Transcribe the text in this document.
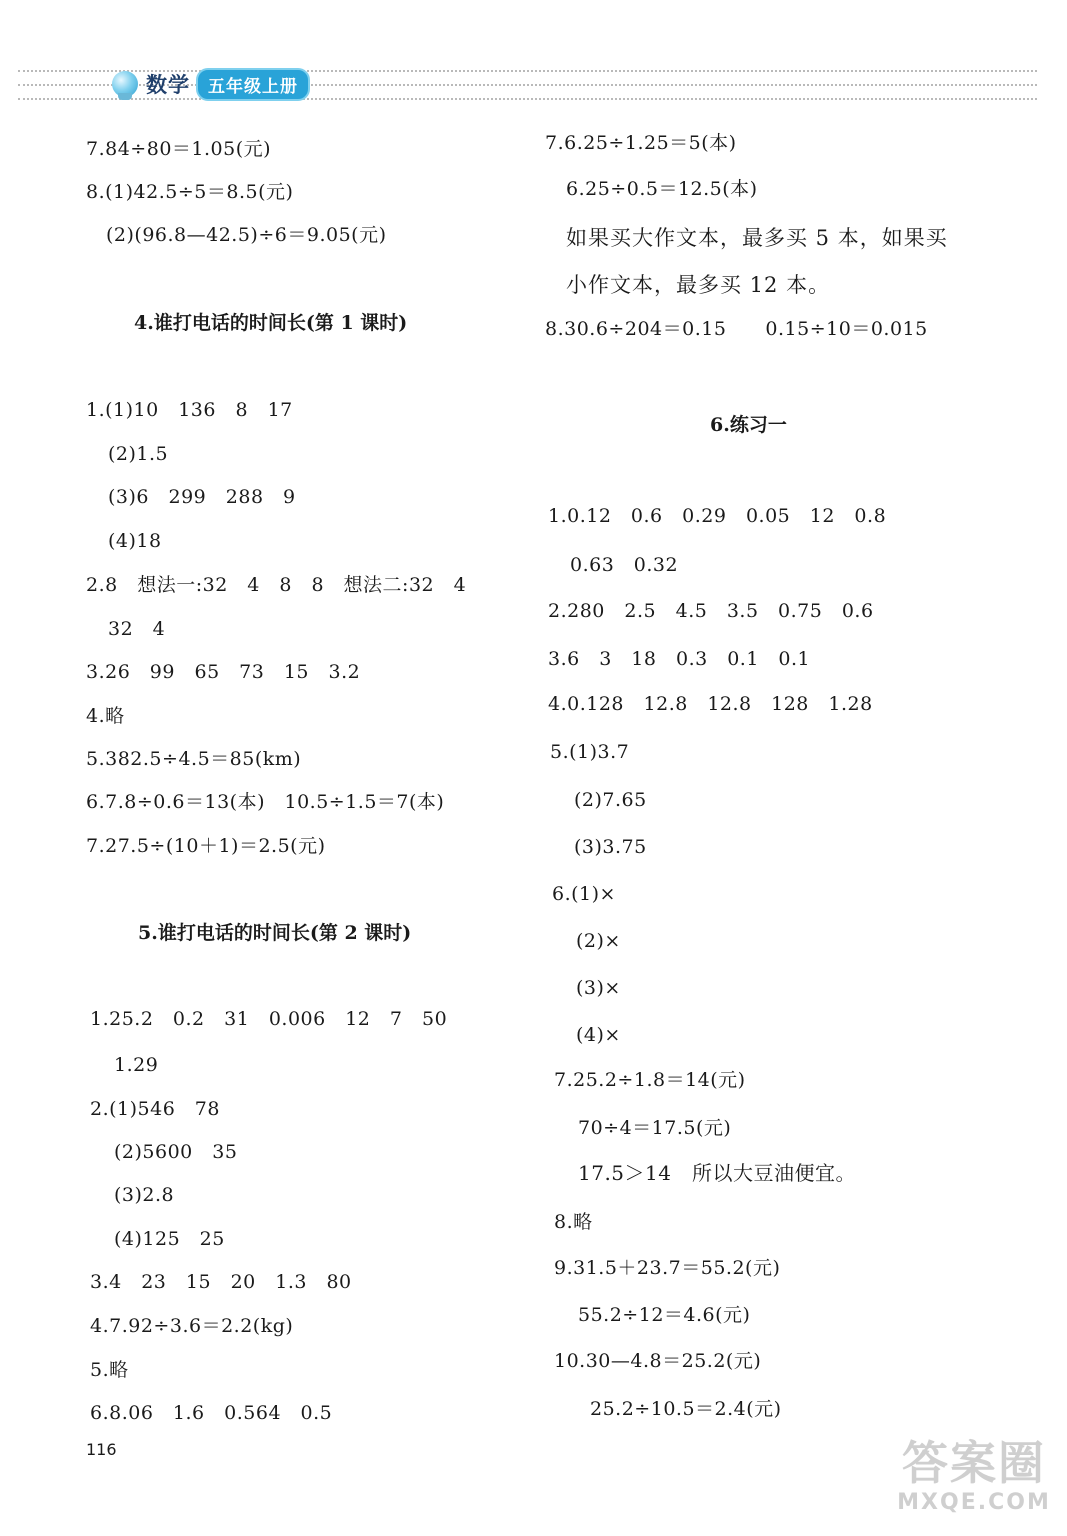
数学	五年级上册
7.84÷80＝1.05(元)
8.(1)42.5÷5＝8.5(元)
(2)(96.8—42.5)÷6＝9.05(元)
4.谁打电话的时间长(第 1 课时)
1.(1)10　136　8　17
(2)1.5
(3)6　299　288　9
(4)18
2.8　想法一:32　4　8　8　想法二:32　4
32　4
3.26　99　65　73　15　3.2
4.略
5.382.5÷4.5＝85(km)
6.7.8÷0.6＝13(本)　10.5÷1.5＝7(本)
7.27.5÷(10＋1)＝2.5(元)
5.谁打电话的时间长(第 2 课时)
1.25.2　0.2　31　0.006　12　7　50
1.29
2.(1)546　78
(2)5600　35
(3)2.8
(4)125　25
3.4　23　15　20　1.3　80
4.7.92÷3.6＝2.2(kg)
5.略
6.8.06　1.6　0.564　0.5
7.6.25÷1.25＝5(本)
6.25÷0.5＝12.5(本)
如果买大作文本，最多买 5 本，如果买
小作文本，最多买 12 本。
8.30.6÷204＝0.15　　0.15÷10＝0.015
6.练习一
1.0.12　0.6　0.29　0.05　12　0.8
0.63　0.32
2.280　2.5　4.5　3.5　0.75　0.6
3.6　3　18　0.3　0.1　0.1
4.0.128　12.8　12.8　128　1.28
5.(1)3.7
(2)7.65
(3)3.75
6.(1)×
(2)×
(3)×
(4)×
7.25.2÷1.8＝14(元)
70÷4＝17.5(元)
17.5＞14　所以大豆油便宜。
8.略
9.31.5＋23.7＝55.2(元)
55.2÷12＝4.6(元)
10.30—4.8＝25.2(元)
25.2÷10.5＝2.4(元)
116	答案圈
MXQE.COM
